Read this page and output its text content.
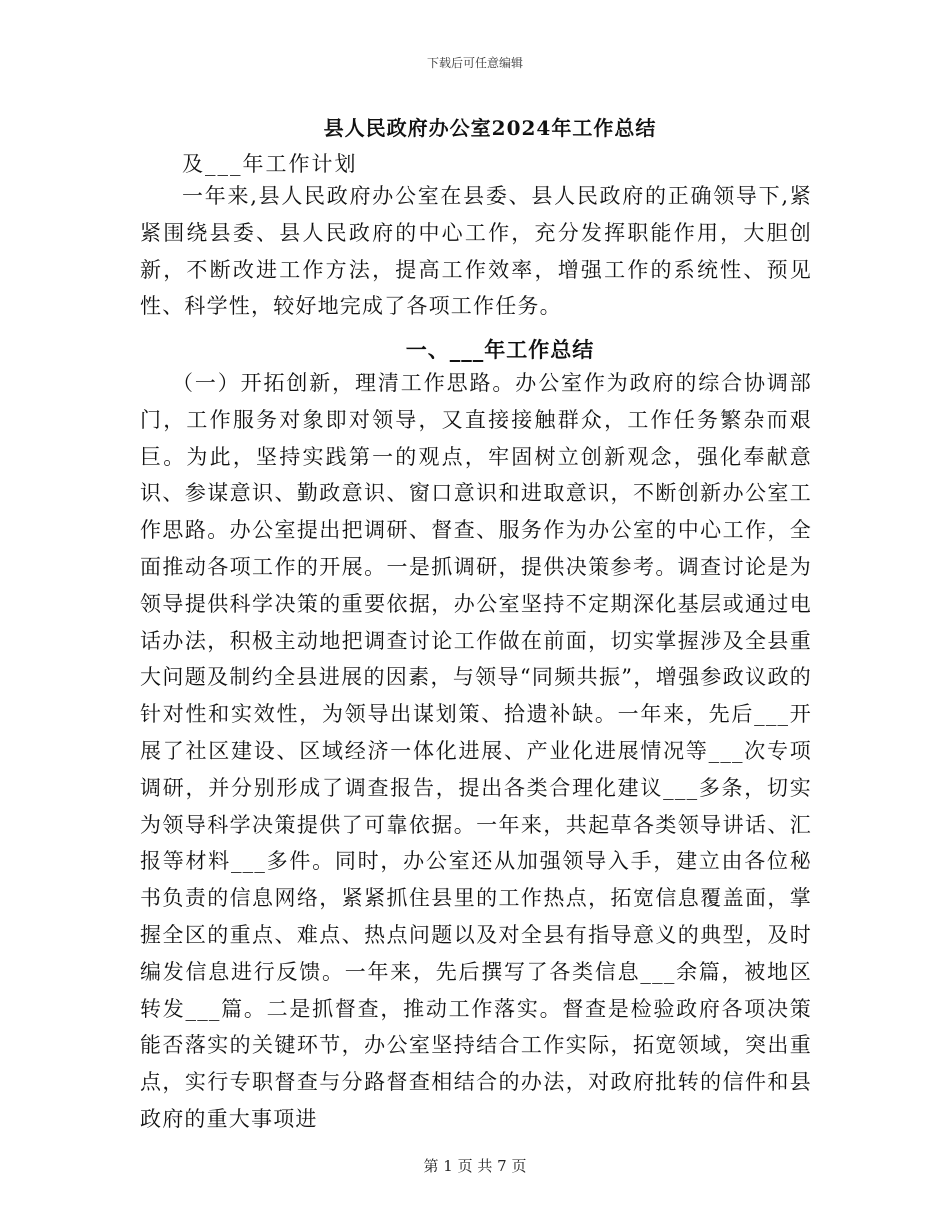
下载后可任意编辑
县人民政府办公室2024年工作总结
及___年工作计划

一年来,县人民政府办公室在县委、县人民政府的正确领导下,紧紧围绕县委、县人民政府的中心工作，充分发挥职能作用，大胆创新，不断改进工作方法，提高工作效率，增强工作的系统性、预见性、科学性，较好地完成了各项工作任务。

一、___年工作总结

（一）开拓创新，理清工作思路。办公室作为政府的综合协调部门，工作服务对象即对领导，又直接接触群众，工作任务繁杂而艰巨。为此，坚持实践第一的观点，牢固树立创新观念，强化奉献意识、参谋意识、勤政意识、窗口意识和进取意识，不断创新办公室工作思路。办公室提出把调研、督查、服务作为办公室的中心工作，全面推动各项工作的开展。一是抓调研，提供决策参考。调查讨论是为领导提供科学决策的重要依据，办公室坚持不定期深化基层或通过电话办法，积极主动地把调查讨论工作做在前面，切实掌握涉及全县重大问题及制约全县进展的因素，与领导“同频共振”，增强参政议政的针对性和实效性，为领导出谋划策、拾遗补缺。一年来，先后___开展了社区建设、区域经济一体化进展、产业化进展情况等___次专项调研，并分别形成了调查报告，提出各类合理化建议___多条，切实为领导科学决策提供了可靠依据。一年来，共起草各类领导讲话、汇报等材料___多件。同时，办公室还从加强领导入手，建立由各位秘书负责的信息网络，紧紧抓住县里的工作热点，拓宽信息覆盖面，掌握全区的重点、难点、热点问题以及对全县有指导意义的典型，及时编发信息进行反馈。一年来，先后撰写了各类信息___余篇，被地区转发___篇。二是抓督查，推动工作落实。督查是检验政府各项决策能否落实的关键环节，办公室坚持结合工作实际，拓宽领域，突出重点，实行专职督查与分路督查相结合的办法，对政府批转的信件和县政府的重大事项进

第 1 页 共 7 页
